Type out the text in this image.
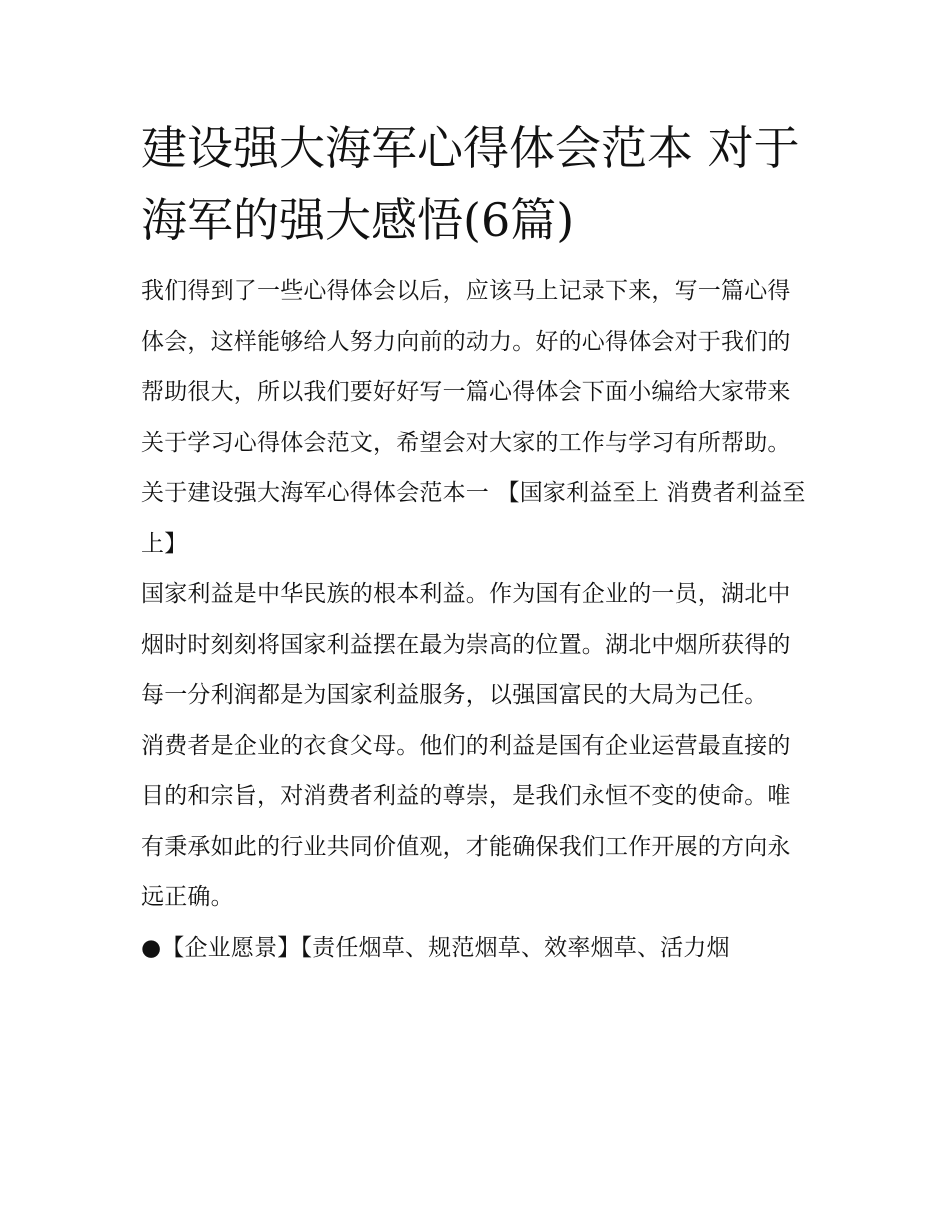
建设强大海军心得体会范本 对于海军的强大感悟(6篇)

我们得到了一些心得体会以后，应该马上记录下来，写一篇心得体会，这样能够给人努力向前的动力。好的心得体会对于我们的帮助很大，所以我们要好好写一篇心得体会下面小编给大家带来关于学习心得体会范文，希望会对大家的工作与学习有所帮助。

关于建设强大海军心得体会范本一 【国家利益至上 消费者利益至上】

国家利益是中华民族的根本利益。作为国有企业的一员，湖北中烟时时刻刻将国家利益摆在最为崇高的位置。湖北中烟所获得的每一分利润都是为国家利益服务，以强国富民的大局为己任。

消费者是企业的衣食父母。他们的利益是国有企业运营最直接的目的和宗旨，对消费者利益的尊崇，是我们永恒不变的使命。唯有秉承如此的行业共同价值观，才能确保我们工作开展的方向永远正确。

●【企业愿景】【责任烟草、规范烟草、效率烟草、活力烟
